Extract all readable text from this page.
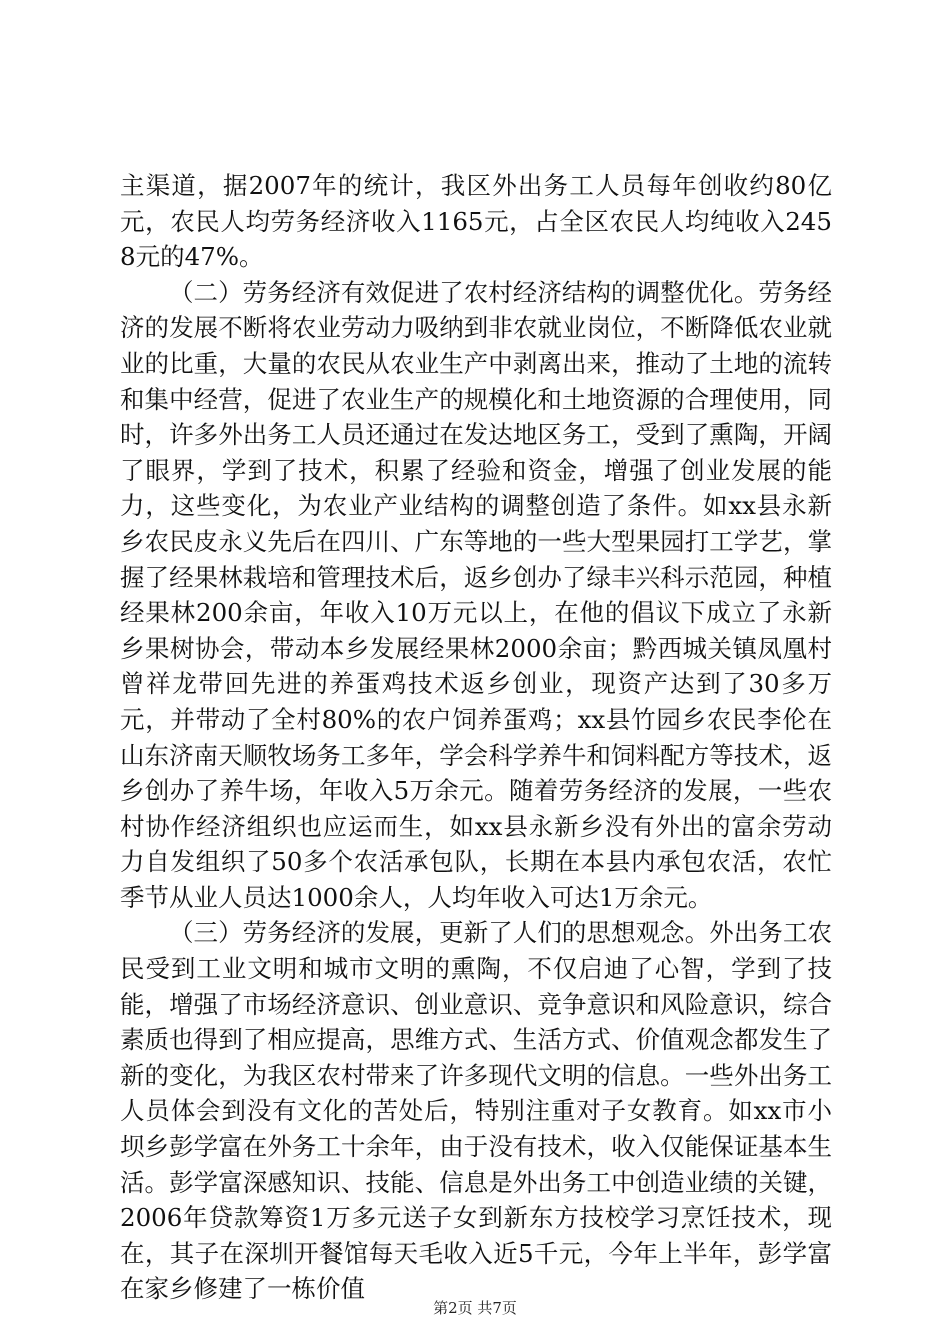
主渠道，据2007年的统计，我区外出务工人员每年创收约80亿元，农民人均劳务经济收入1165元，占全区农民人均纯收入2458元的47%。

（二）劳务经济有效促进了农村经济结构的调整优化。劳务经济的发展不断将农业劳动力吸纳到非农就业岗位，不断降低农业就业的比重，大量的农民从农业生产中剥离出来，推动了土地的流转和集中经营，促进了农业生产的规模化和土地资源的合理使用，同时，许多外出务工人员还通过在发达地区务工，受到了熏陶，开阔了眼界，学到了技术，积累了经验和资金，增强了创业发展的能力，这些变化，为农业产业结构的调整创造了条件。如xx县永新乡农民皮永义先后在四川、广东等地的一些大型果园打工学艺，掌握了经果林栽培和管理技术后，返乡创办了绿丰兴科示范园，种植经果林200余亩，年收入10万元以上，在他的倡议下成立了永新乡果树协会，带动本乡发展经果林2000余亩；黔西城关镇凤凰村曾祥龙带回先进的养蛋鸡技术返乡创业，现资产达到了30多万元，并带动了全村80%的农户饲养蛋鸡；xx县竹园乡农民李伦在山东济南天顺牧场务工多年，学会科学养牛和饲料配方等技术，返乡创办了养牛场，年收入5万余元。随着劳务经济的发展，一些农村协作经济组织也应运而生，如xx县永新乡没有外出的富余劳动力自发组织了50多个农活承包队，长期在本县内承包农活，农忙季节从业人员达1000余人，人均年收入可达1万余元。

（三）劳务经济的发展，更新了人们的思想观念。外出务工农民受到工业文明和城市文明的熏陶，不仅启迪了心智，学到了技能，增强了市场经济意识、创业意识、竞争意识和风险意识，综合素质也得到了相应提高，思维方式、生活方式、价值观念都发生了新的变化，为我区农村带来了许多现代文明的信息。一些外出务工人员体会到没有文化的苦处后，特别注重对子女教育。如xx市小坝乡彭学富在外务工十余年，由于没有技术，收入仅能保证基本生活。彭学富深感知识、技能、信息是外出务工中创造业绩的关键，2006年贷款筹资1万多元送子女到新东方技校学习烹饪技术，现在，其子在深圳开餐馆每天毛收入近5千元，今年上半年，彭学富在家乡修建了一栋价值

第2页 共7页
